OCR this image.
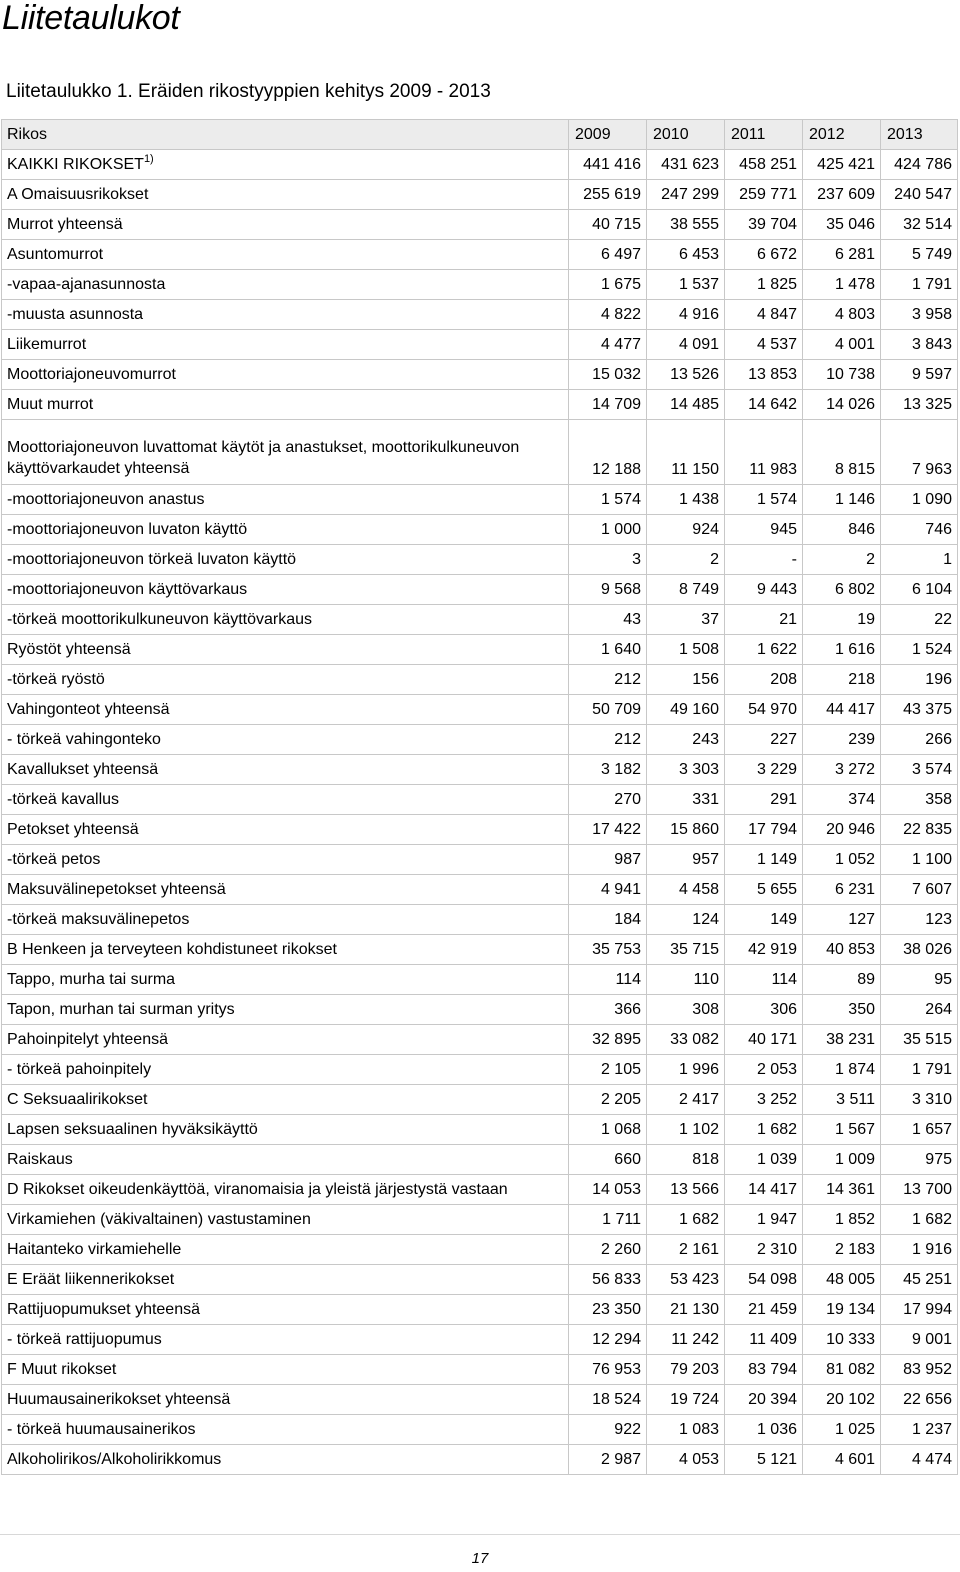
Liitetaulukot

Liitetaulukko 1. Eräiden rikostyyppien kehitys 2009 - 2013

Rikos	2009	2010	2011	2012	2013
KAIKKI RIKOKSET$^{1)}$	441 416	431 623	458 251	425 421	424 786
A Omaisuusrikokset	255 619	247 299	259 771	237 609	240 547
Murrot yhteensä	40 715	38 555	39 704	35 046	32 514
Asuntomurrot	6 497	6 453	6 672	6 281	5 749
-vapaa-ajanasunnosta	1 675	1 537	1 825	1 478	1 791
-muusta asunnosta	4 822	4 916	4 847	4 803	3 958
Liikemurrot	4 477	4 091	4 537	4 001	3 843
Moottoriajoneuvomurrot	15 032	13 526	13 853	10 738	9 597
Muut murrot	14 709	14 485	14 642	14 026	13 325
Moottoriajoneuvon luvattomat käytöt ja anastukset, moottorikulkuneuvon käyttövarkaudet yhteensä	12 188	11 150	11 983	8 815	7 963
-moottoriajoneuvon anastus	1 574	1 438	1 574	1 146	1 090
-moottoriajoneuvon luvaton käyttö	1 000	924	945	846	746
-moottoriajoneuvon törkeä luvaton käyttö	3	2	-	2	1
-moottoriajoneuvon käyttövarkaus	9 568	8 749	9 443	6 802	6 104
-törkeä moottorikulkuneuvon käyttövarkaus	43	37	21	19	22
Ryöstöt yhteensä	1 640	1 508	1 622	1 616	1 524
-törkeä ryöstö	212	156	208	218	196
Vahingonteot yhteensä	50 709	49 160	54 970	44 417	43 375
- törkeä vahingonteko	212	243	227	239	266
Kavallukset yhteensä	3 182	3 303	3 229	3 272	3 574
-törkeä kavallus	270	331	291	374	358
Petokset yhteensä	17 422	15 860	17 794	20 946	22 835
-törkeä petos	987	957	1 149	1 052	1 100
Maksuvälinepetokset yhteensä	4 941	4 458	5 655	6 231	7 607
-törkeä maksuvälinepetos	184	124	149	127	123
B Henkeen ja terveyteen kohdistuneet rikokset	35 753	35 715	42 919	40 853	38 026
Tappo, murha tai surma	114	110	114	89	95
Tapon, murhan tai surman yritys	366	308	306	350	264
Pahoinpitelyt yhteensä	32 895	33 082	40 171	38 231	35 515
- törkeä pahoinpitely	2 105	1 996	2 053	1 874	1 791
C Seksuaalirikokset	2 205	2 417	3 252	3 511	3 310
Lapsen seksuaalinen hyväksikäyttö	1 068	1 102	1 682	1 567	1 657
Raiskaus	660	818	1 039	1 009	975
D Rikokset oikeudenkäyttöä, viranomaisia ja yleistä järjestystä vastaan	14 053	13 566	14 417	14 361	13 700
Virkamiehen (väkivaltainen) vastustaminen	1 711	1 682	1 947	1 852	1 682
Haitanteko virkamiehelle	2 260	2 161	2 310	2 183	1 916
E Eräät liikennerikokset	56 833	53 423	54 098	48 005	45 251
Rattijuopumukset yhteensä	23 350	21 130	21 459	19 134	17 994
- törkeä rattijuopumus	12 294	11 242	11 409	10 333	9 001
F Muut rikokset	76 953	79 203	83 794	81 082	83 952
Huumausainerikokset yhteensä	18 524	19 724	20 394	20 102	22 656
- törkeä huumausainerikos	922	1 083	1 036	1 025	1 237
Alkoholirikos/Alkoholirikkomus	2 987	4 053	5 121	4 601	4 474
17
